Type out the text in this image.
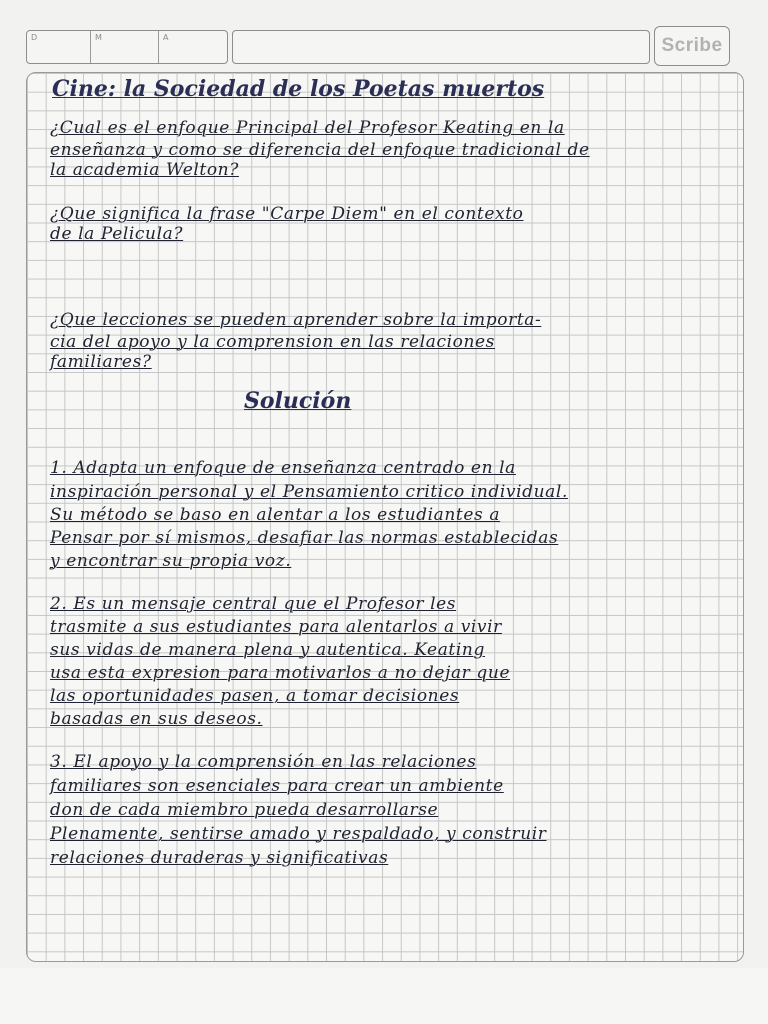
D	M	A	Scribe
Cine: la Sociedad de los Poetas muertos
¿Cual es el enfoque Principal del Profesor Keating en la
enseñanza y como se diferencia del enfoque tradicional de
la academia Welton?
¿Que significa la frase "Carpe Diem" en el contexto
de la Pelicula?
¿Que lecciones se pueden aprender sobre la importa-
cia del apoyo y la comprension en las relaciones
familiares?
Solución
1. Adapta un enfoque de enseñanza centrado en la
inspiración personal y el Pensamiento critico individual.
Su método se baso en alentar a los estudiantes a
Pensar por sí mismos, desafiar las normas establecidas
y encontrar su propia voz.
2. Es un mensaje central que el Profesor les
trasmite a sus estudiantes para alentarlos a vivir
sus vidas de manera plena y autentica. Keating
usa esta expresion para motivarlos a no dejar que
las oportunidades pasen, a tomar decisiones
basadas en sus deseos.
3. El apoyo y la comprensión en las relaciones
familiares son esenciales para crear un ambiente
don de cada miembro pueda desarrollarse
Plenamente, sentirse amado y respaldado, y construir
relaciones duraderas y significativas
